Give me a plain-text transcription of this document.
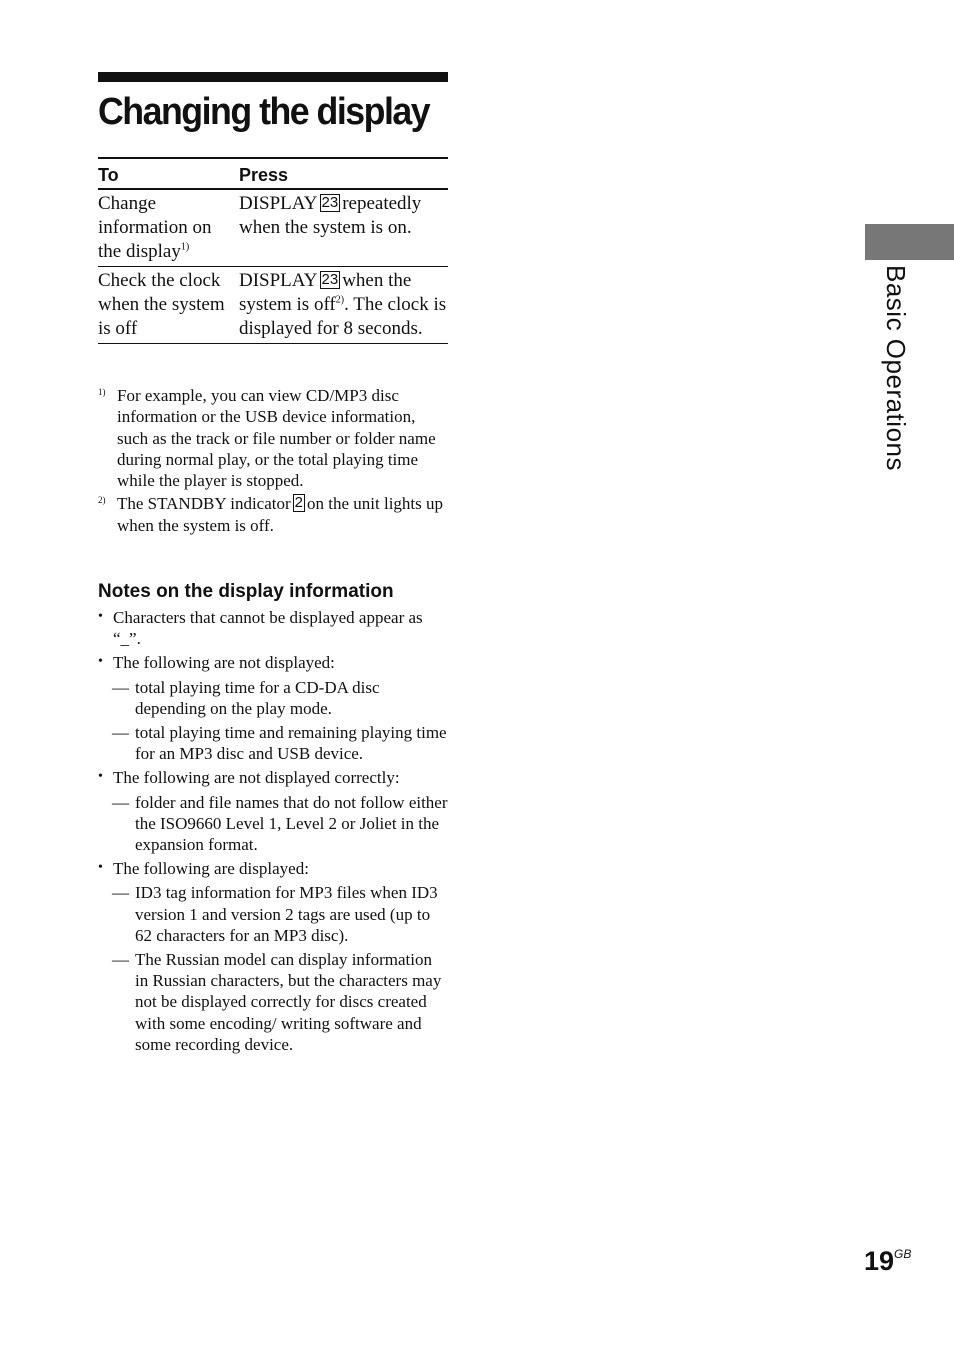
Changing the display
To	Press
Change information on the display$^{1)}$	DISPLAY 23 repeatedly when the system is on.
Check the clock when the system is off	DISPLAY 23 when the system is off$^{2)}$. The clock is displayed for 8 seconds.
1) For example, you can view CD/MP3 disc information or the USB device information, such as the track or file number or folder name during normal play, or the total playing time while the player is stopped.
2) The STANDBY indicator 2 on the unit lights up when the system is off.
Notes on the display information
• Characters that cannot be displayed appear as “_”.
• The following are not displayed:
— total playing time for a CD-DA disc depending on the play mode.
— total playing time and remaining playing time for an MP3 disc and USB device.
• The following are not displayed correctly:
— folder and file names that do not follow either the ISO9660 Level 1, Level 2 or Joliet in the expansion format.
• The following are displayed:
— ID3 tag information for MP3 files when ID3 version 1 and version 2 tags are used (up to 62 characters for an MP3 disc).
— The Russian model can display information in Russian characters, but the characters may not be displayed correctly for discs created with some encoding/ writing software and some recording device.
Basic Operations
$19^{GB}$
